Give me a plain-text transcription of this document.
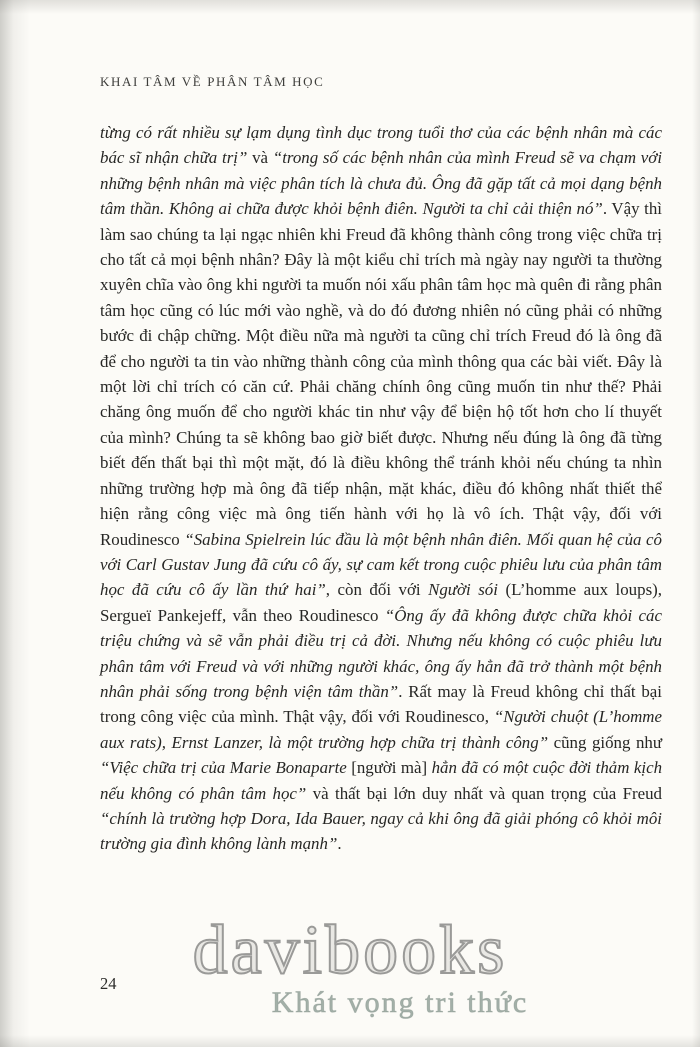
KHAI TÂM VỀ PHÂN TÂM HỌC
từng có rất nhiều sự lạm dụng tình dục trong tuổi thơ của các bệnh nhân mà các bác sĩ nhận chữa trị” và “trong số các bệnh nhân của mình Freud sẽ va chạm với những bệnh nhân mà việc phân tích là chưa đủ. Ông đã gặp tất cả mọi dạng bệnh tâm thần. Không ai chữa được khỏi bệnh điên. Người ta chỉ cải thiện nó”. Vậy thì làm sao chúng ta lại ngạc nhiên khi Freud đã không thành công trong việc chữa trị cho tất cả mọi bệnh nhân? Đây là một kiểu chỉ trích mà ngày nay người ta thường xuyên chĩa vào ông khi người ta muốn nói xấu phân tâm học mà quên đi rằng phân tâm học cũng có lúc mới vào nghề, và do đó đương nhiên nó cũng phải có những bước đi chập chững. Một điều nữa mà người ta cũng chỉ trích Freud đó là ông đã để cho người ta tin vào những thành công của mình thông qua các bài viết. Đây là một lời chỉ trích có căn cứ. Phải chăng chính ông cũng muốn tin như thế? Phải chăng ông muốn để cho người khác tin như vậy để biện hộ tốt hơn cho lí thuyết của mình? Chúng ta sẽ không bao giờ biết được. Nhưng nếu đúng là ông đã từng biết đến thất bại thì một mặt, đó là điều không thể tránh khỏi nếu chúng ta nhìn những trường hợp mà ông đã tiếp nhận, mặt khác, điều đó không nhất thiết thể hiện rằng công việc mà ông tiến hành với họ là vô ích. Thật vậy, đối với Roudinesco “Sabina Spielrein lúc đầu là một bệnh nhân điên. Mối quan hệ của cô với Carl Gustav Jung đã cứu cô ấy, sự cam kết trong cuộc phiêu lưu của phân tâm học đã cứu cô ấy lần thứ hai”, còn đối với Người sói (L’homme aux loups), Sergueï Pankejeff, vẫn theo Roudinesco “Ông ấy đã không được chữa khỏi các triệu chứng và sẽ vẫn phải điều trị cả đời. Nhưng nếu không có cuộc phiêu lưu phân tâm với Freud và với những người khác, ông ấy hẳn đã trở thành một bệnh nhân phải sống trong bệnh viện tâm thần”. Rất may là Freud không chỉ thất bại trong công việc của mình. Thật vậy, đối với Roudinesco, “Người chuột (L’homme aux rats), Ernst Lanzer, là một trường hợp chữa trị thành công” cũng giống như “Việc chữa trị của Marie Bonaparte [người mà] hẳn đã có một cuộc đời thảm kịch nếu không có phân tâm học” và thất bại lớn duy nhất và quan trọng của Freud “chính là trường hợp Dora, Ida Bauer, ngay cả khi ông đã giải phóng cô khỏi môi trường gia đình không lành mạnh”.
24	davibooks
Khát vọng tri thức
